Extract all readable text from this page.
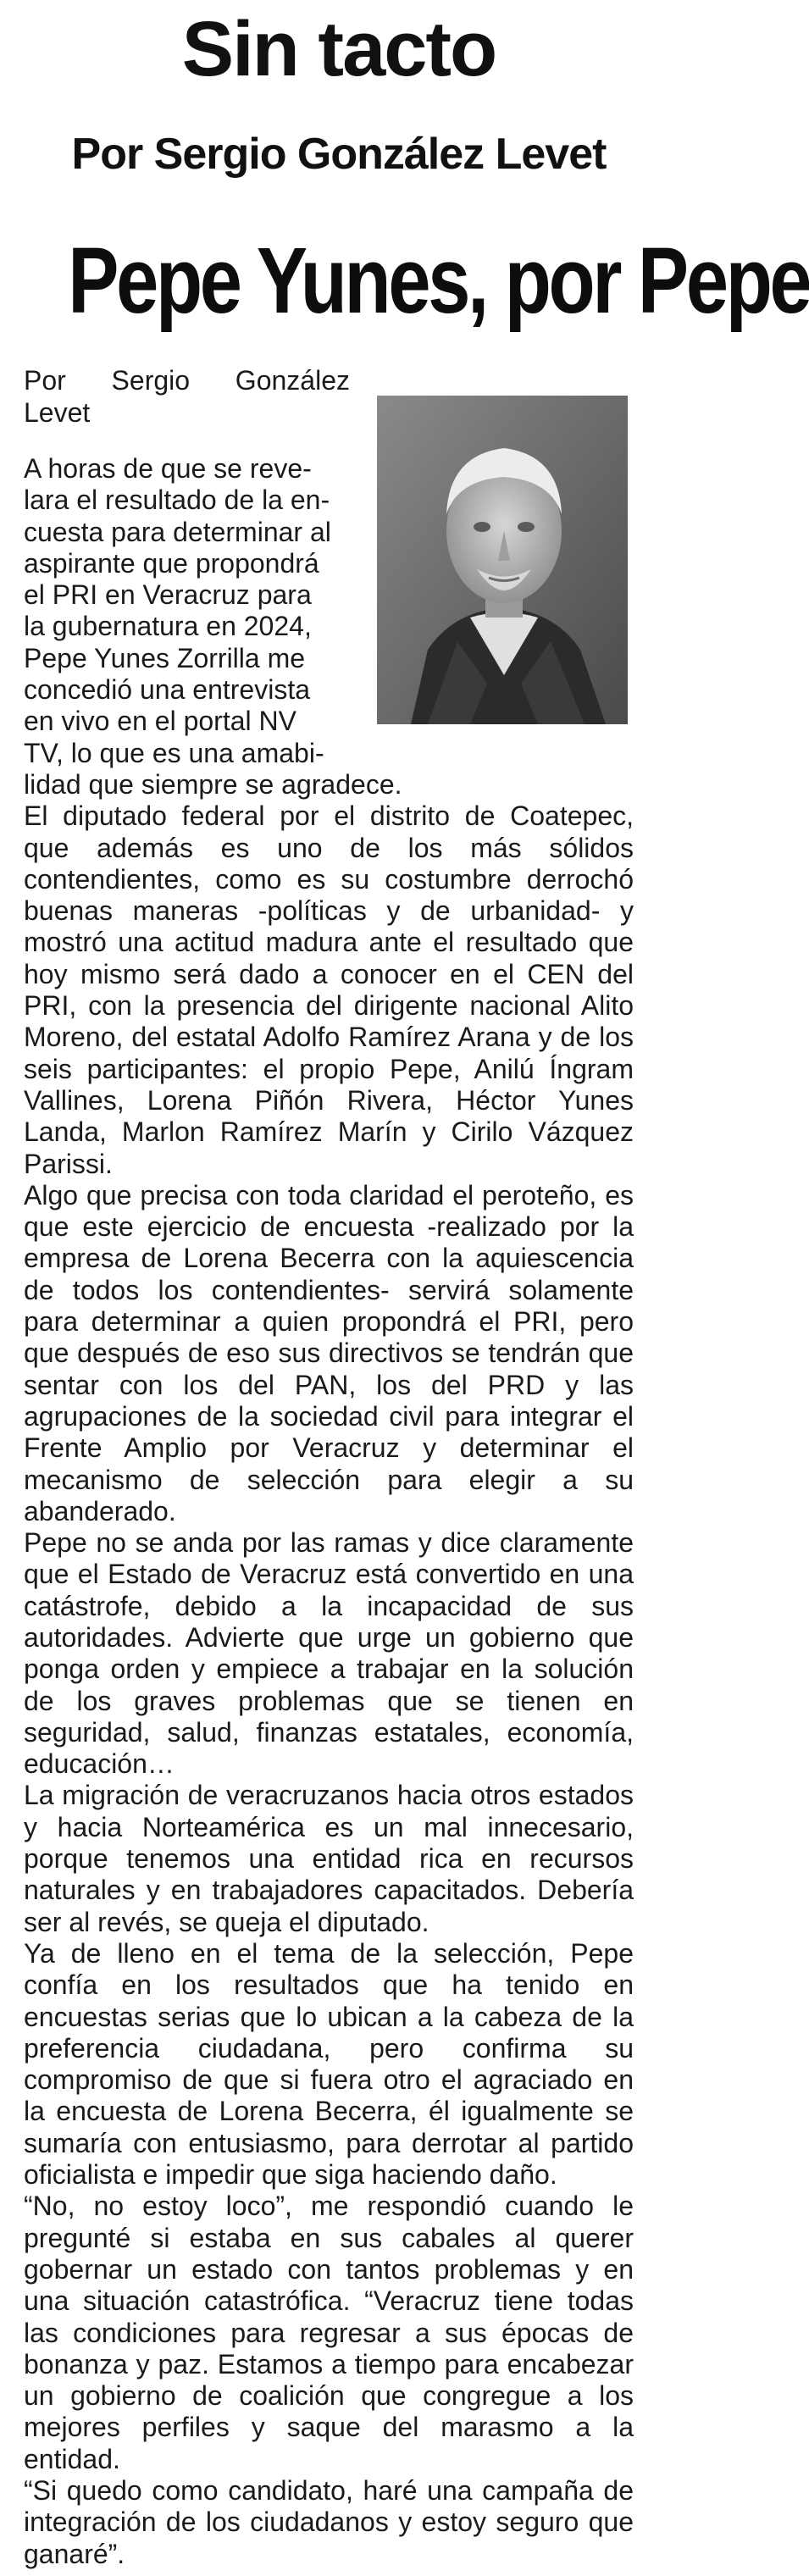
Sin tacto
Por Sergio González Levet
Pepe Yunes, por Pepe
Por Sergio González
Levet
A horas de que se reve-
lara el resultado de la en-
cuesta para determinar al
aspirante que propondrá
el PRI en Veracruz para
la gubernatura en 2024,
Pepe Yunes Zorrilla me
concedió una entrevista
en vivo en el portal NV
TV, lo que es una amabi-
lidad que siempre se agradece.

El diputado federal por el distrito de Coatepec, que además es uno de los más sólidos contendientes, como es su costumbre derrochó buenas maneras -políticas y de urbanidad- y mostró una actitud madura ante el resultado que hoy mismo será dado a conocer en el CEN del PRI, con la presencia del dirigente nacional Alito Moreno, del estatal Adolfo Ramírez Arana y de los seis participantes: el propio Pepe, Anilú Íngram Vallines, Lorena Piñón Rivera, Héctor Yunes Landa, Marlon Ramírez Marín y Cirilo Vázquez Parissi.

Algo que precisa con toda claridad el perotеño, es que este ejercicio de encuesta -realizado por la empresa de Lorena Becerra con la aquiescencia de todos los contendientes- servirá solamente para determinar a quien propondrá el PRI, pero que después de eso sus directivos se tendrán que sentar con los del PAN, los del PRD y las agrupaciones de la sociedad civil para integrar el Frente Amplio por Veracruz y determinar el mecanismo de selección para elegir a su abanderado.

Pepe no se anda por las ramas y dice claramente que el Estado de Veracruz está convertido en una catástrofe, debido a la incapacidad de sus autoridades. Advierte que urge un gobierno que ponga orden y empiece a trabajar en la solución de los graves problemas que se tienen en seguridad, salud, finanzas estatales, economía, educación…

La migración de veracruzanos hacia otros estados y hacia Norteamérica es un mal innecesario, porque tenemos una entidad rica en recursos naturales y en trabajadores capacitados. Debería ser al revés, se queja el diputado.

Ya de lleno en el tema de la selección, Pepe confía en los resultados que ha tenido en encuestas serias que lo ubican a la cabeza de la preferencia ciudadana, pero confirma su compromiso de que si fuera otro el agraciado en la encuesta de Lorena Becerra, él igualmente se sumaría con entusiasmo, para derrotar al partido oficialista e impedir que siga haciendo daño.

“No, no estoy loco”, me respondió cuando le pregunté si estaba en sus cabales al querer gobernar un estado con tantos problemas y en una situación catastrófica. “Veracruz tiene todas las condiciones para regresar a sus épocas de bonanza y paz. Estamos a tiempo para encabezar un gobierno de coalición que congregue a los mejores perfiles y saque del marasmo a la entidad.

“Si quedo como candidato, haré una campaña de integración de los ciudadanos y estoy seguro que ganaré”.
